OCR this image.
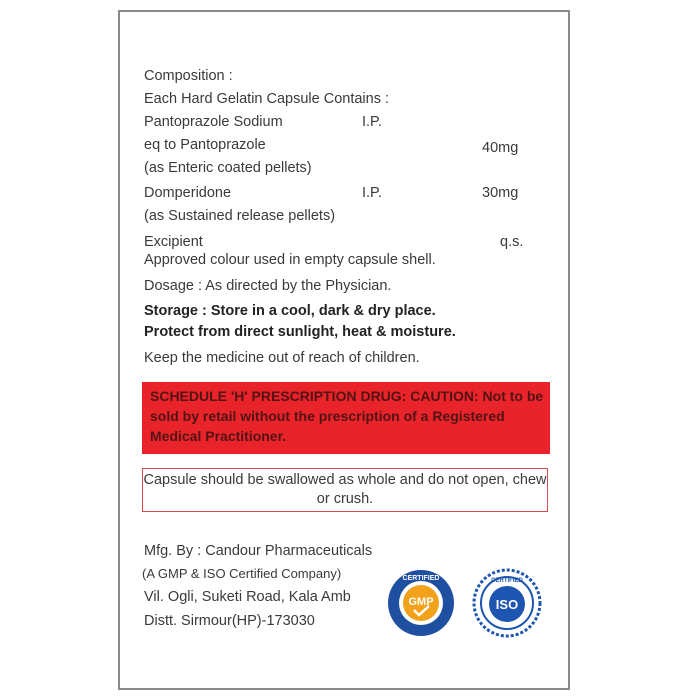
Composition :
Each Hard Gelatin Capsule Contains :
Pantoprazole Sodium	I.P.
eq to Pantoprazole	40mg
(as Enteric coated pellets)
Domperidone	I.P.	30mg
(as Sustained release pellets)
Excipient	q.s.
Approved colour used in empty capsule shell.
Dosage : As directed by the Physician.
Storage : Store in a cool, dark & dry place.
Protect from direct sunlight, heat & moisture.
Keep the medicine out of reach of children.
SCHEDULE 'H' PRESCRIPTION DRUG: CAUTION: Not to be sold by retail without the prescription of a Registered Medical Practitioner.
Capsule should be swallowed as whole and do not open, chew or crush.
Mfg. By : Candour Pharmaceuticals
(A GMP & ISO Certified Company)
Vil. Ogli, Suketi Road, Kala Amb
Distt. Sirmour(HP)-173030
CERTIFIED
GMP
CERTIFIED
ISO
